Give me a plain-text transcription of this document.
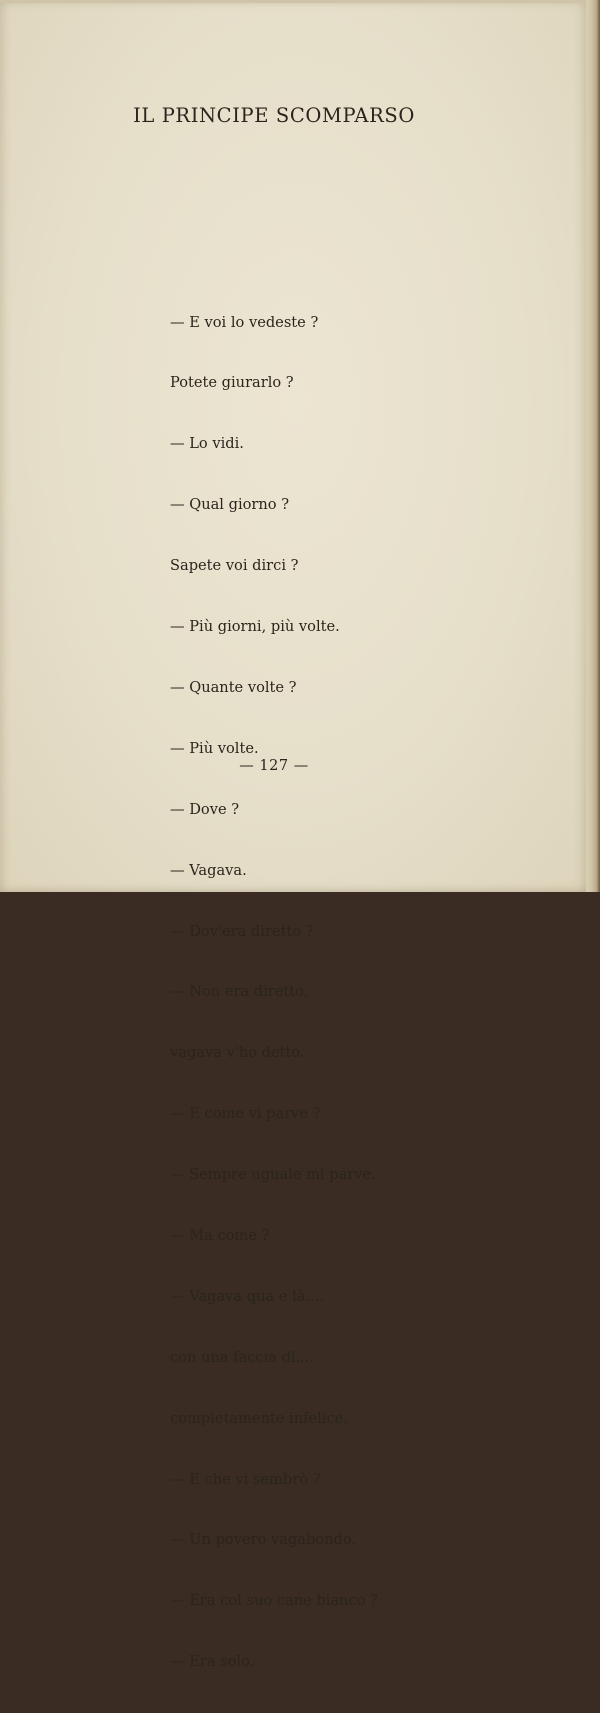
IL PRINCIPE SCOMPARSO

— E voi lo vedeste ?

Potete giurarlo ?

— Lo vidi.

— Qual giorno ?

Sapete voi dirci ?

— Più giorni, più volte.

— Quante volte ?

— Più volte.

— Dove ?

— Vagava.

— Dov'era diretto ?

— Non era diretto,

vagava v'ho detto.

— E come vi parve ?

— Sempre uguale mi parve.

— Ma come ?

— Vagava qua e là....

con una faccia di....

completamente infelice.

— E che vi sembrò ?

— Un povero vagabondo.

— Era col suo cane bianco ?

— Era solo.

— 127 —
